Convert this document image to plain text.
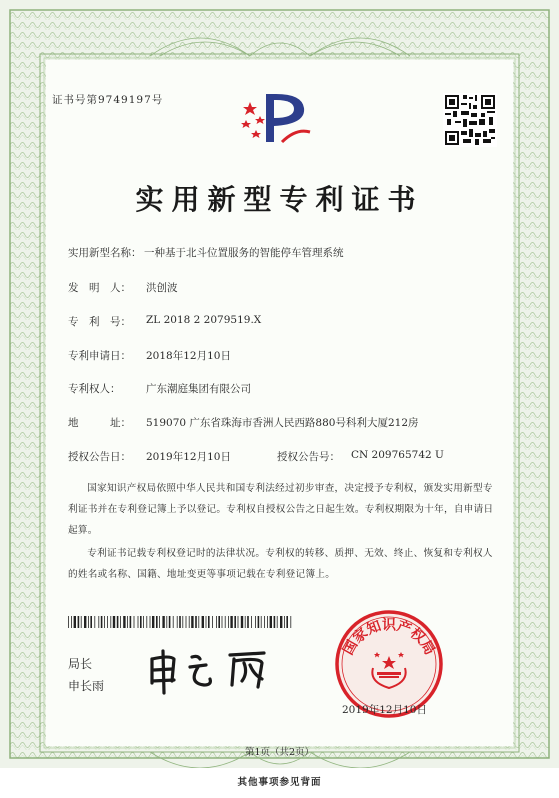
证书号第9749197号
实用新型专利证书
实用新型名称： 一种基于北斗位置服务的智能停车管理系统
发　明　人： 洪创波
专　利　号： ZL 2018 2 2079519.X
专利申请日： 2018年12月10日
专利权人： 广东潮庭集团有限公司
地　　　址： 519070 广东省珠海市香洲人民西路880号科利大厦212房
授权公告日： 2019年12月10日	授权公告号： CN 209765742 U
国家知识产权局依照中华人民共和国专利法经过初步审查，决定授予专利权，颁发实用新型专利证书并在专利登记簿上予以登记。专利权自授权公告之日起生效。专利权期限为十年，自申请日起算。
专利证书记载专利权登记时的法律状况。专利权的转移、质押、无效、终止、恢复和专利权人的姓名或名称、国籍、地址变更等事项记载在专利登记簿上。
局长
申长雨
国家知识产权局
2019年12月10日
第1页（共2页）
其他事项参见背面
